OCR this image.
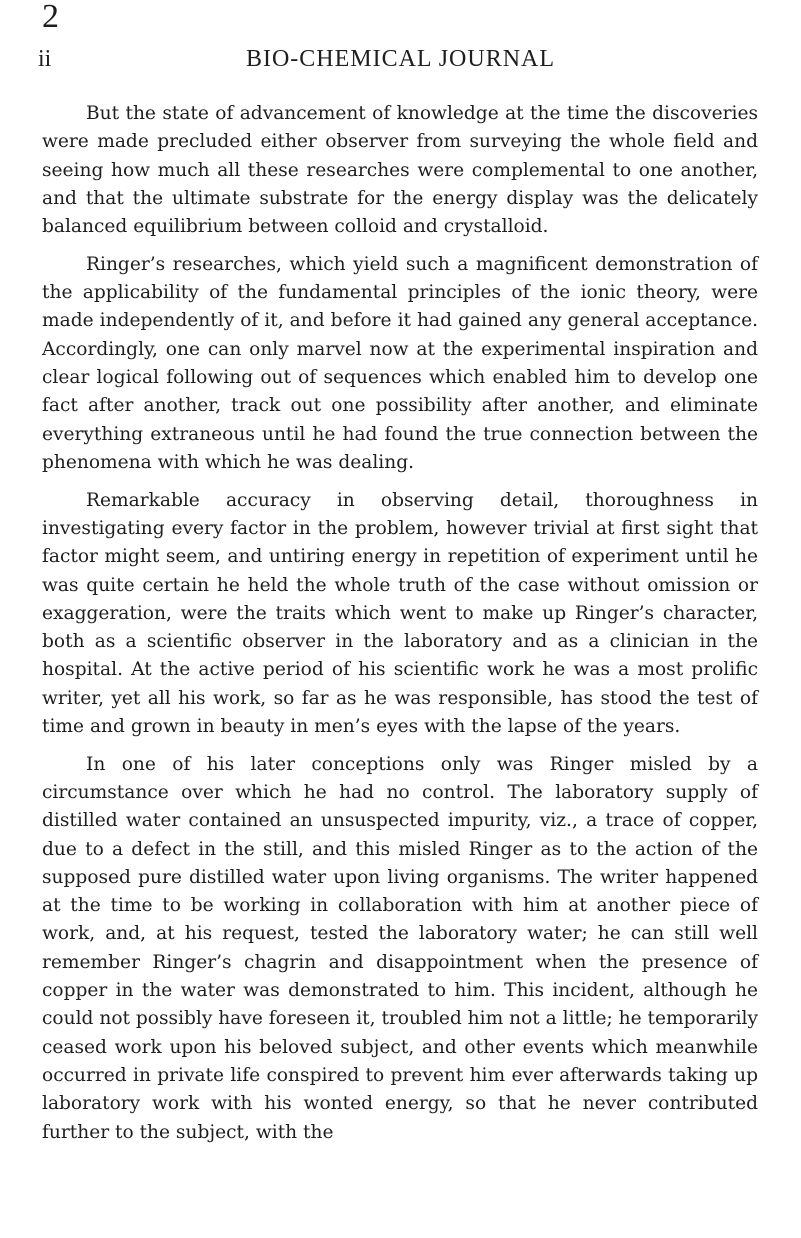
2
ii	BIO-CHEMICAL JOURNAL

But the state of advancement of knowledge at the time the discoveries were made precluded either observer from surveying the whole field and seeing how much all these researches were complemental to one another, and that the ultimate substrate for the energy display was the delicately balanced equilibrium between colloid and crystalloid.

Ringer’s researches, which yield such a magnificent demonstration of the applicability of the fundamental principles of the ionic theory, were made independently of it, and before it had gained any general acceptance. Accordingly, one can only marvel now at the experimental inspiration and clear logical following out of sequences which enabled him to develop one fact after another, track out one possibility after another, and eliminate everything extraneous until he had found the true connection between the phenomena with which he was dealing.

Remarkable accuracy in observing detail, thoroughness in investigating every factor in the problem, however trivial at first sight that factor might seem, and untiring energy in repetition of experiment until he was quite certain he held the whole truth of the case without omission or exaggeration, were the traits which went to make up Ringer’s character, both as a scientific observer in the laboratory and as a clinician in the hospital. At the active period of his scientific work he was a most prolific writer, yet all his work, so far as he was responsible, has stood the test of time and grown in beauty in men’s eyes with the lapse of the years.

In one of his later conceptions only was Ringer misled by a circumstance over which he had no control. The laboratory supply of distilled water contained an unsuspected impurity, viz., a trace of copper, due to a defect in the still, and this misled Ringer as to the action of the supposed pure distilled water upon living organisms. The writer happened at the time to be working in collaboration with him at another piece of work, and, at his request, tested the laboratory water; he can still well remember Ringer’s chagrin and disappointment when the presence of copper in the water was demonstrated to him. This incident, although he could not possibly have foreseen it, troubled him not a little; he temporarily ceased work upon his beloved subject, and other events which meanwhile occurred in private life conspired to prevent him ever afterwards taking up laboratory work with his wonted energy, so that he never contributed further to the subject, with the
